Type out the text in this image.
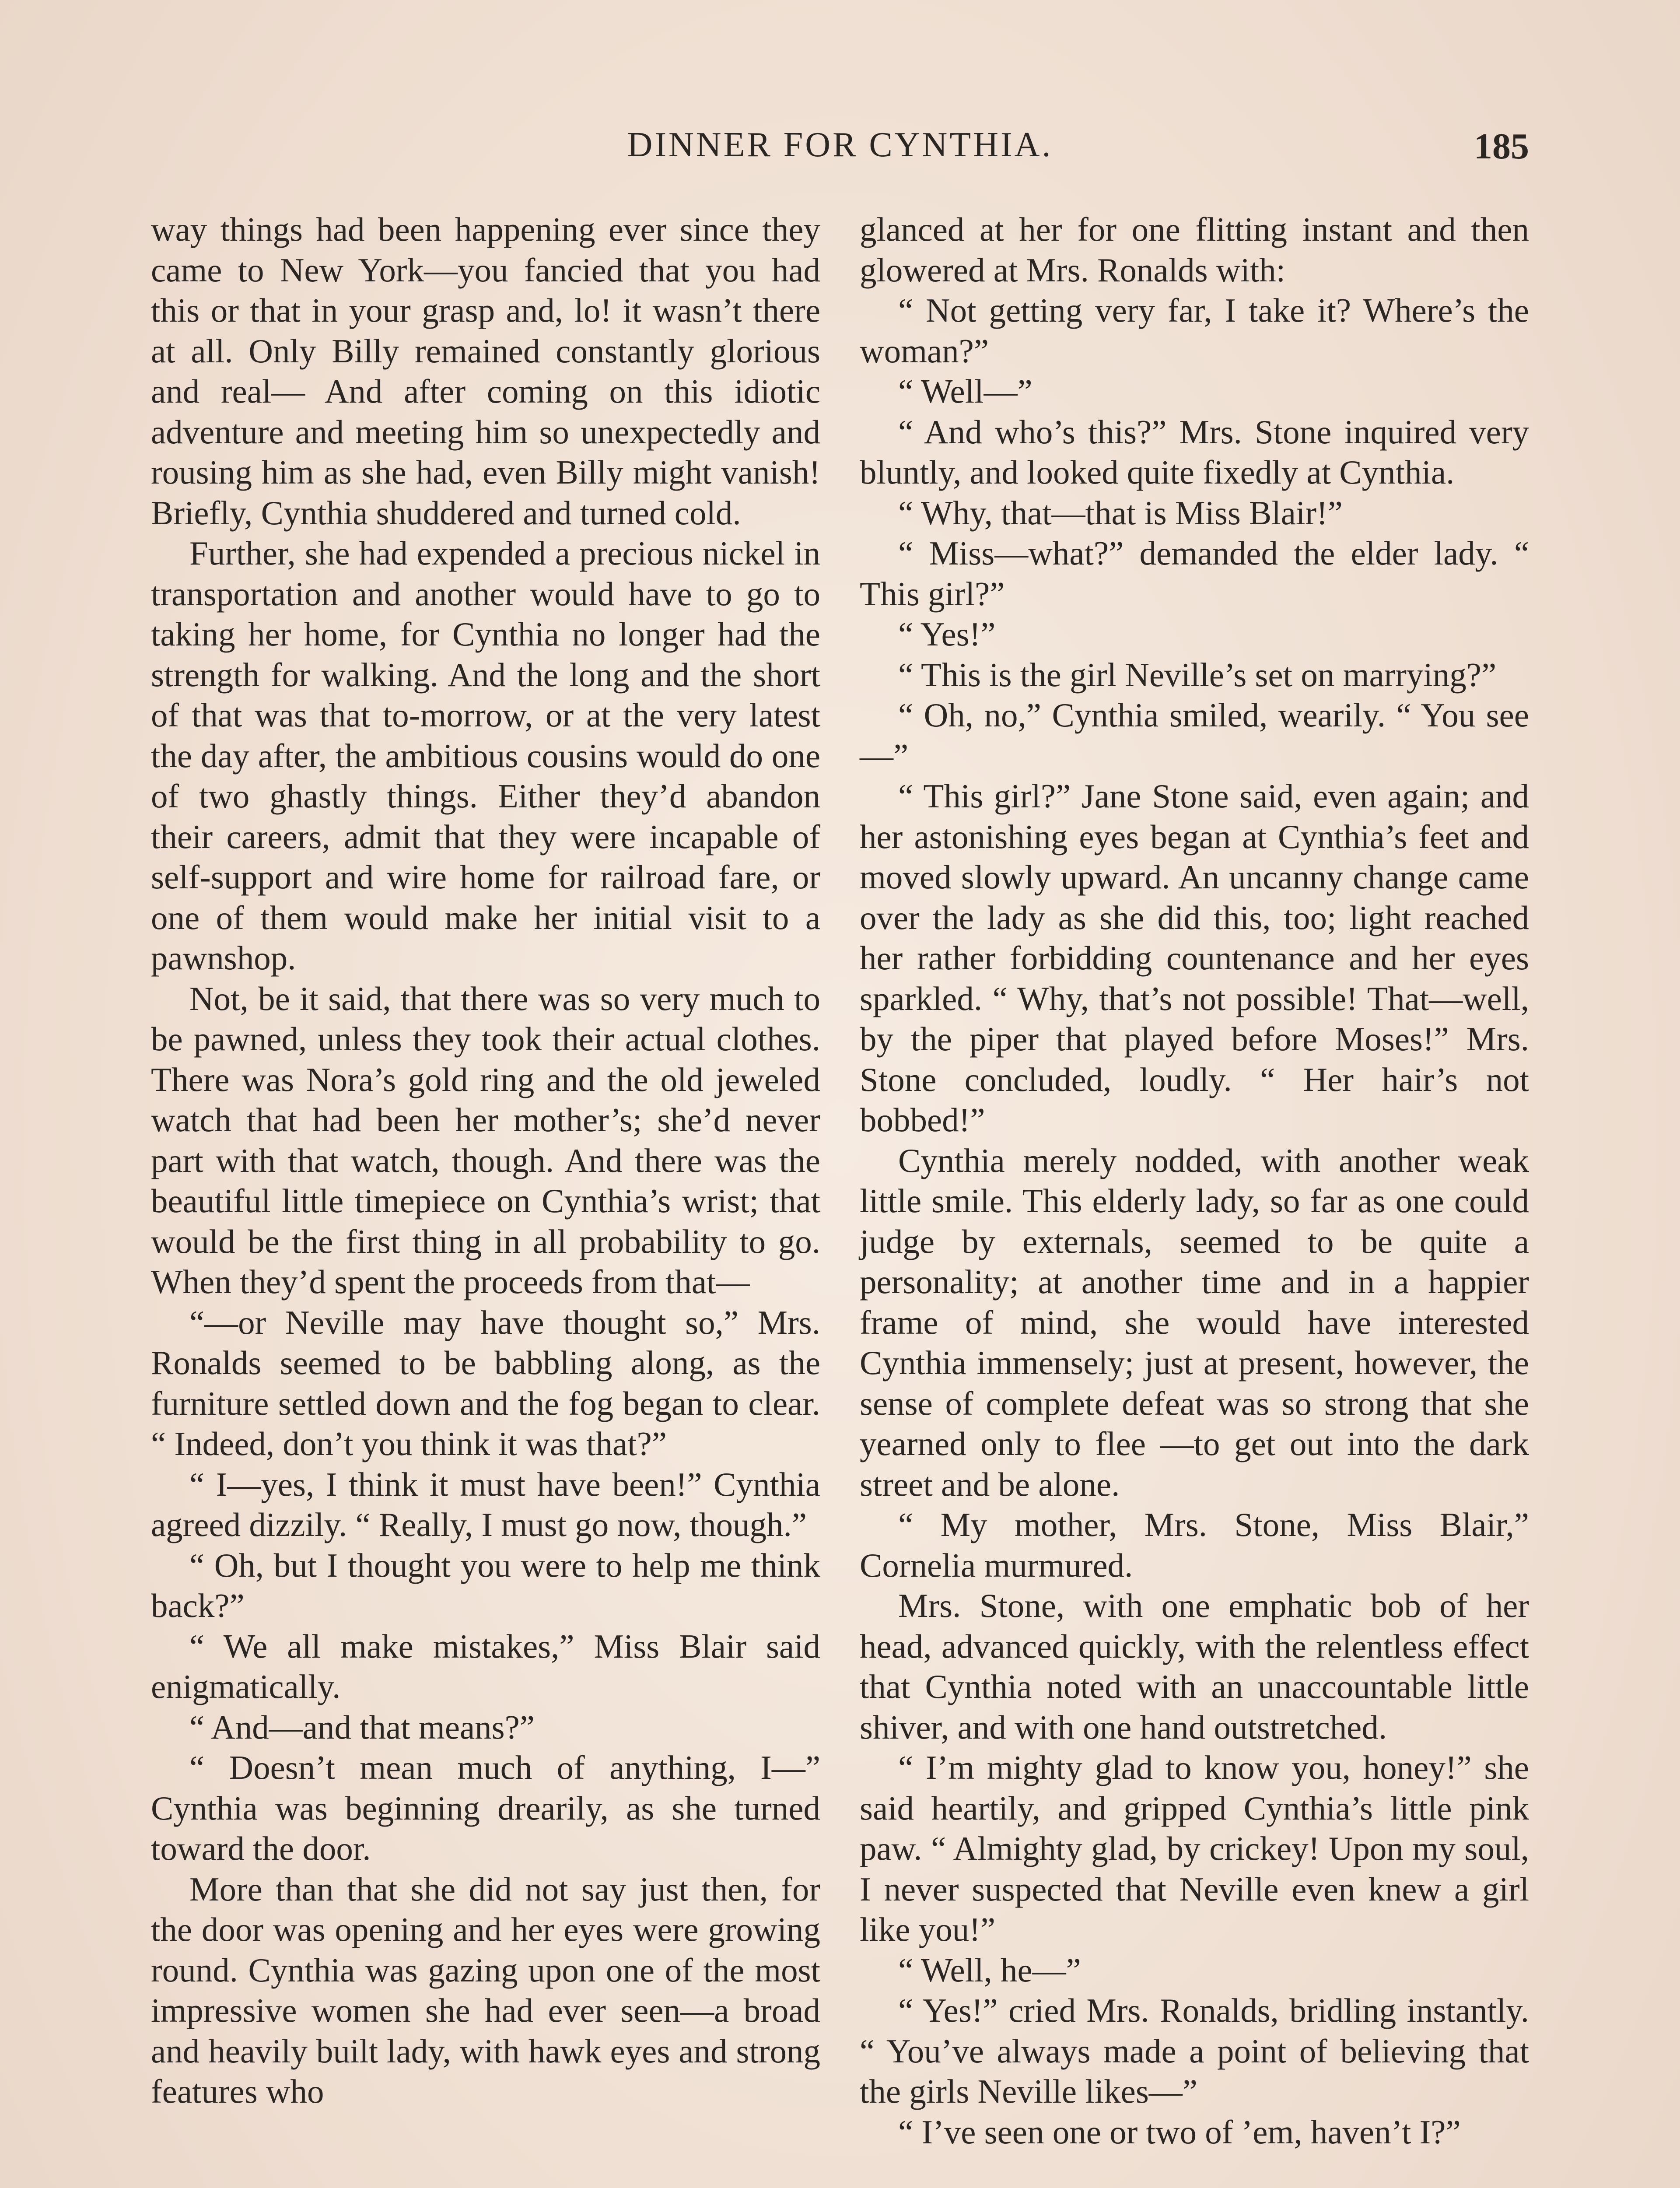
DINNER FOR CYNTHIA.	185

way things had been happening ever since they came to New York—you fancied that you had this or that in your grasp and, lo! it wasn’t there at all. Only Billy remained constantly glorious and real— And after coming on this idiotic adventure and meeting him so unexpectedly and rousing him as she had, even Billy might vanish! Briefly, Cynthia shuddered and turned cold.

Further, she had expended a precious nickel in transportation and another would have to go to taking her home, for Cynthia no longer had the strength for walking. And the long and the short of that was that to-morrow, or at the very latest the day after, the ambitious cousins would do one of two ghastly things. Either they’d abandon their careers, admit that they were incapable of self-support and wire home for railroad fare, or one of them would make her initial visit to a pawnshop.

Not, be it said, that there was so very much to be pawned, unless they took their actual clothes. There was Nora’s gold ring and the old jeweled watch that had been her mother’s; she’d never part with that watch, though. And there was the beautiful little timepiece on Cynthia’s wrist; that would be the first thing in all probability to go. When they’d spent the proceeds from that—

“—or Neville may have thought so,” Mrs. Ronalds seemed to be babbling along, as the furniture settled down and the fog began to clear. “ Indeed, don’t you think it was that?”

“ I—yes, I think it must have been!” Cynthia agreed dizzily. “ Really, I must go now, though.”

“ Oh, but I thought you were to help me think back?”

“ We all make mistakes,” Miss Blair said enigmatically.

“ And—and that means?”

“ Doesn’t mean much of anything, I—” Cynthia was beginning drearily, as she turned toward the door.

More than that she did not say just then, for the door was opening and her eyes were growing round. Cynthia was gazing upon one of the most impressive women she had ever seen—a broad and heavily built lady, with hawk eyes and strong features who

glanced at her for one flitting instant and then glowered at Mrs. Ronalds with:

“ Not getting very far, I take it? Where’s the woman?”

“ Well—”

“ And who’s this?” Mrs. Stone inquired very bluntly, and looked quite fixedly at Cynthia.

“ Why, that—that is Miss Blair!”

“ Miss—what?” demanded the elder lady. “ This girl?”

“ Yes!”

“ This is the girl Neville’s set on marrying?”

“ Oh, no,” Cynthia smiled, wearily. “ You see—”

“ This girl?” Jane Stone said, even again; and her astonishing eyes began at Cynthia’s feet and moved slowly upward. An uncanny change came over the lady as she did this, too; light reached her rather forbidding countenance and her eyes sparkled. “ Why, that’s not possible! That—well, by the piper that played before Moses!” Mrs. Stone concluded, loudly. “ Her hair’s not bobbed!”

Cynthia merely nodded, with another weak little smile. This elderly lady, so far as one could judge by externals, seemed to be quite a personality; at another time and in a happier frame of mind, she would have interested Cynthia immensely; just at present, however, the sense of complete defeat was so strong that she yearned only to flee —to get out into the dark street and be alone.

“ My mother, Mrs. Stone, Miss Blair,” Cornelia murmured.

Mrs. Stone, with one emphatic bob of her head, advanced quickly, with the relentless effect that Cynthia noted with an unaccountable little shiver, and with one hand outstretched.

“ I’m mighty glad to know you, honey!” she said heartily, and gripped Cynthia’s little pink paw. “ Almighty glad, by crickey! Upon my soul, I never suspected that Neville even knew a girl like you!”

“ Well, he—”

“ Yes!” cried Mrs. Ronalds, bridling instantly. “ You’ve always made a point of believing that the girls Neville likes—”

“ I’ve seen one or two of ’em, haven’t I?”
